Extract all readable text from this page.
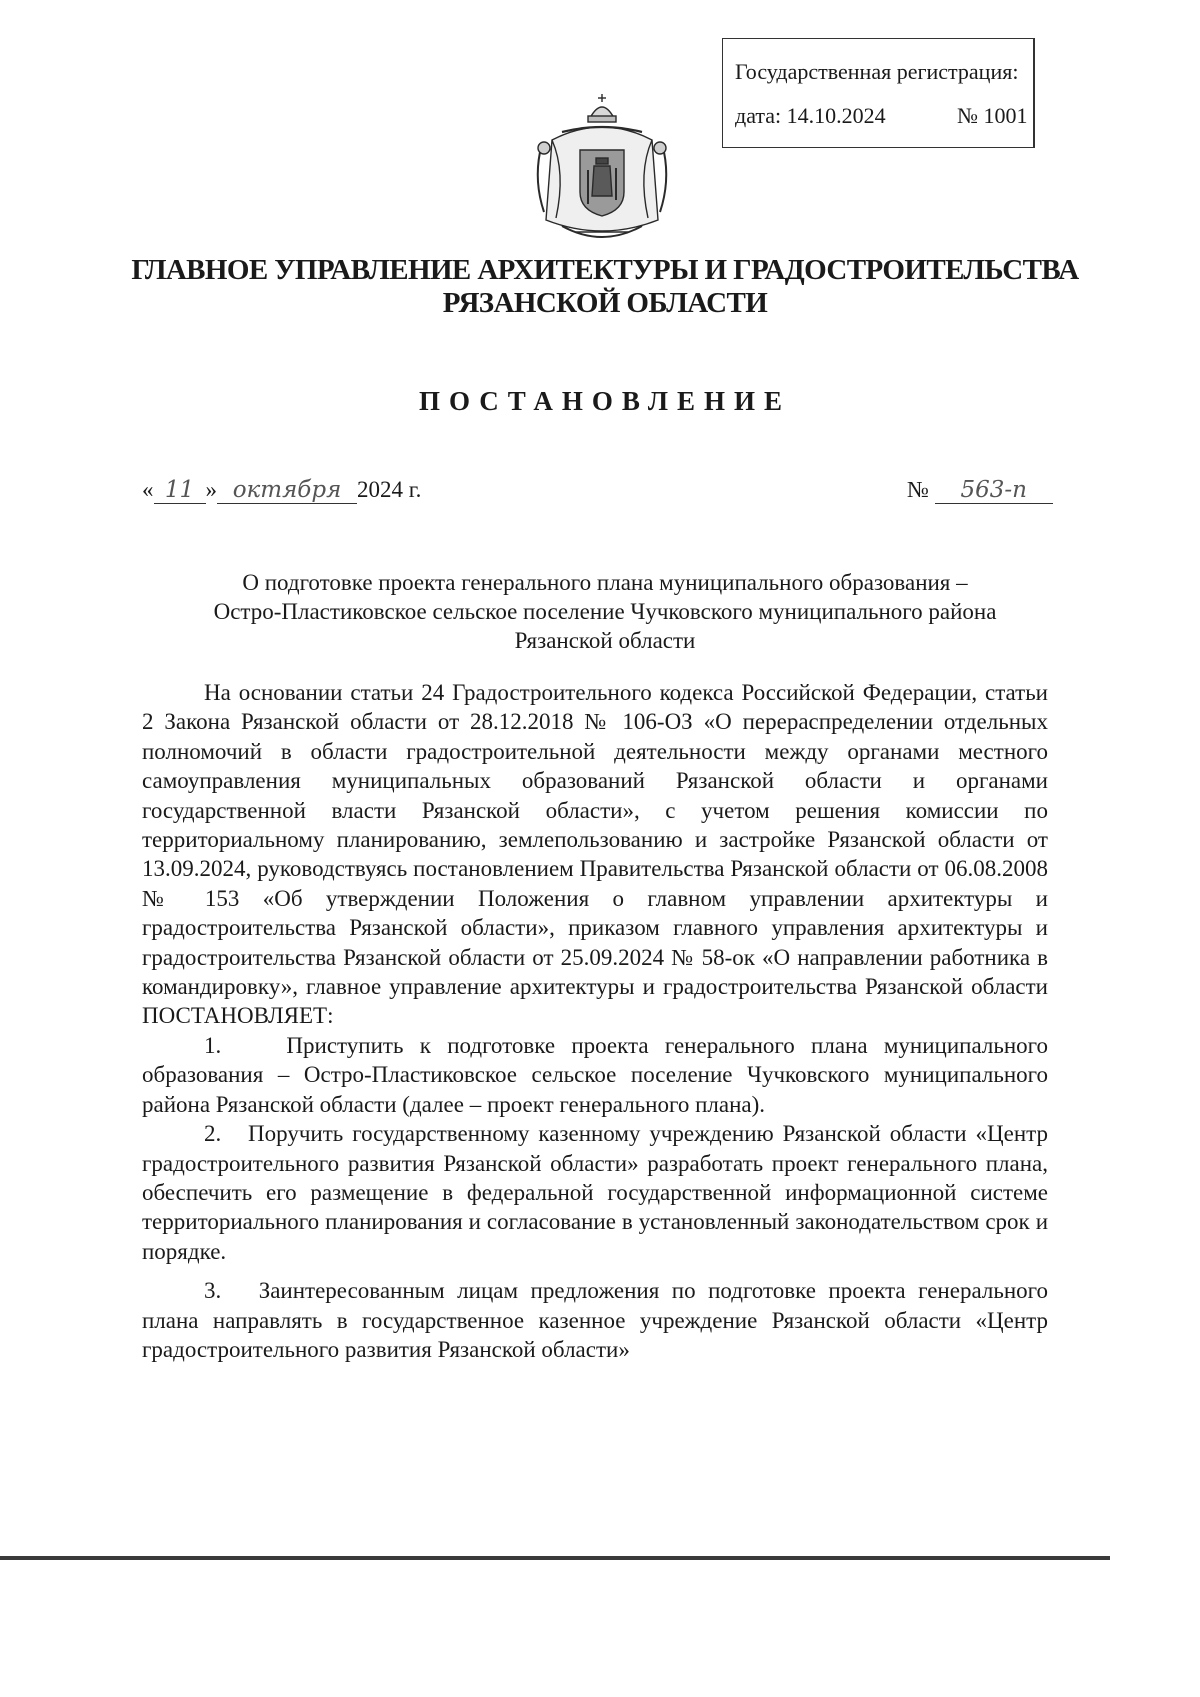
Государственная регистрация:
дата: 14.10.2024	№ 1001
ГЛАВНОЕ УПРАВЛЕНИЕ АРХИТЕКТУРЫ И ГРАДОСТРОИТЕЛЬСТВА
РЯЗАНСКОЙ ОБЛАСТИ
ПОСТАНОВЛЕНИЕ
« 11 » октября 2024 г.	№ 563-п
О подготовке проекта генерального плана муниципального образования –
Остро-Пластиковское сельское поселение Чучковского муниципального района
Рязанской области

На основании статьи 24 Градостроительного кодекса Российской Федерации, статьи 2 Закона Рязанской области от 28.12.2018 № 106-ОЗ «О перераспределении отдельных полномочий в области градостроительной деятельности между органами местного самоуправления муниципальных образований Рязанской области и органами государственной власти Рязанской области», с учетом решения комиссии по территориальному планированию, землепользованию и застройке Рязанской области от 13.09.2024, руководствуясь постановлением Правительства Рязанской области от 06.08.2008 № 153 «Об утверждении Положения о главном управлении архитектуры и градостроительства Рязанской области», приказом главного управления архитектуры и градостроительства Рязанской области от 25.09.2024 № 58-ок «О направлении работника в командировку», главное управление архитектуры и градостроительства Рязанской области ПОСТАНОВЛЯЕТ:

1.    Приступить к подготовке проекта генерального плана муниципального образования – Остро-Пластиковское сельское поселение Чучковского муниципального района Рязанской области (далее – проект генерального плана).

2.   Поручить государственному казенному учреждению Рязанской области «Центр градостроительного развития Рязанской области» разработать проект генерального плана, обеспечить его размещение в федеральной государственной информационной системе территориального планирования и согласование в установленный законодательством срок и порядке.

3.   Заинтересованным лицам предложения по подготовке проекта генерального плана направлять в государственное казенное учреждение Рязанской области «Центр градостроительного развития Рязанской области»
